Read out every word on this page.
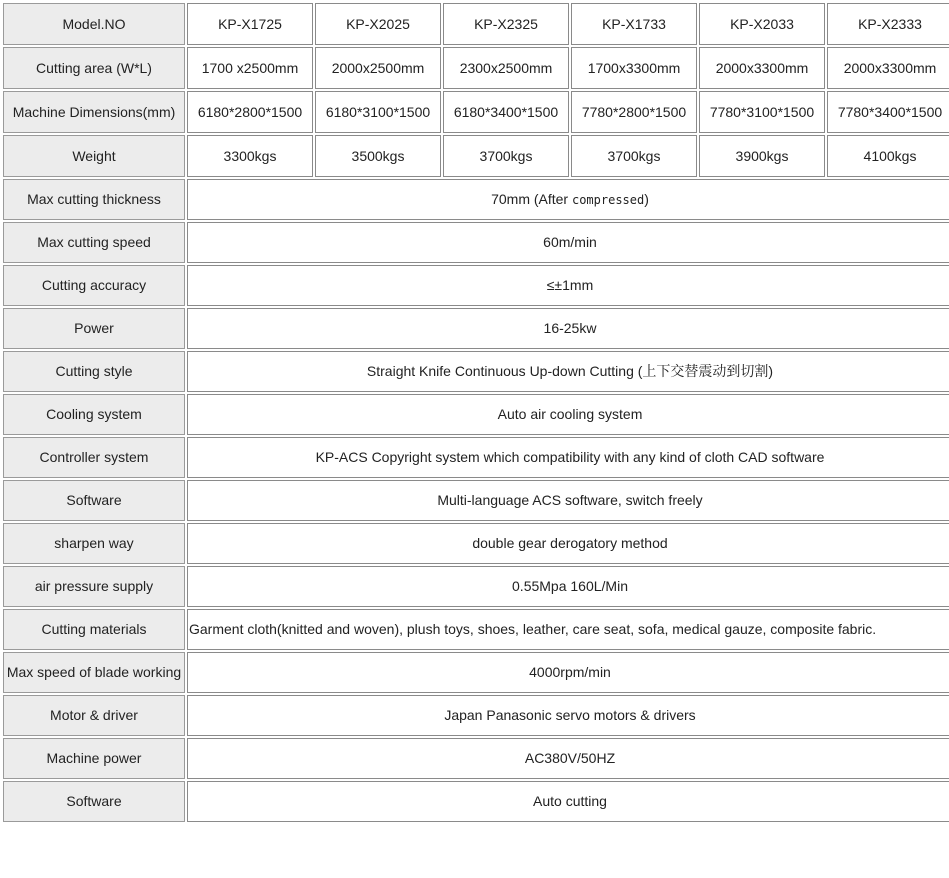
Model.NO	KP-X1725	KP-X2025	KP-X2325	KP-X1733	KP-X2033	KP-X2333
Cutting area (W*L)	1700 x2500mm	2000x2500mm	2300x2500mm	1700x3300mm	2000x3300mm	2000x3300mm
Machine Dimensions(mm)	6180*2800*1500	6180*3100*1500	6180*3400*1500	7780*2800*1500	7780*3100*1500	7780*3400*1500
Weight	3300kgs	3500kgs	3700kgs	3700kgs	3900kgs	4100kgs
Max cutting thickness	70mm (After compressed)					
Max cutting speed	60m/min					
Cutting accuracy	≤±1mm					
Power	16-25kw					
Cutting style	Straight Knife Continuous Up-down Cutting (上下交替震动到切割)					
Cooling system	Auto air cooling system					
Controller system	KP-ACS Copyright system which compatibility with any kind of cloth CAD software					
Software	Multi-language ACS software, switch freely					
sharpen way	double gear derogatory method					
air pressure supply	0.55Mpa 160L/Min					
Cutting materials	Garment cloth(knitted and woven), plush toys, shoes, leather, care seat, sofa, medical gauze, composite fabric.					
Max speed of blade working	4000rpm/min					
Motor & driver	Japan Panasonic servo motors & drivers					
Machine power	AC380V/50HZ					
Software	Auto cutting					
